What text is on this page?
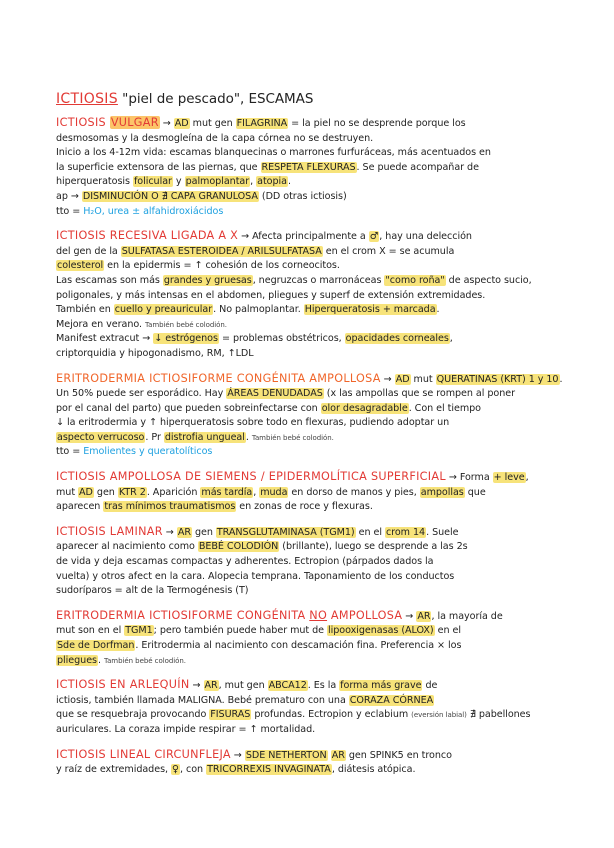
ICTIOSIS "piel de pescado", ESCAMAS
ICTIOSIS VULGAR → AD mut gen FILAGRINA = la piel no se desprende porque los
desmosomas y la desmogleína de la capa córnea no se destruyen.
Inicio a los 4-12m vida: escamas blanquecinas o marrones furfuráceas, más acentuados en
la superficie extensora de las piernas, que RESPETA FLEXURAS. Se puede acompañar de
hiperqueratosis folicular y palmoplantar, atopia.
ap → DISMINUCIÓN O ∄ CAPA GRANULOSA (DD otras ictiosis)
tto = H₂O, urea ± alfahidroxiácidos
ICTIOSIS RECESIVA LIGADA A X → Afecta principalmente a ♂, hay una delección
del gen de la SULFATASA ESTEROIDEA / ARILSULFATASA en el crom X = se acumula
colesterol en la epidermis = ↑ cohesión de los corneocitos.
Las escamas son más grandes y gruesas, negruzcas o marronáceas "como roña" de aspecto sucio,
poligonales, y más intensas en el abdomen, pliegues y superf de extensión extremidades.
También en cuello y preauricular. No palmoplantar. Hiperqueratosis + marcada.
Mejora en verano. También bebé colodión.
Manifest extracut → ↓ estrógenos = problemas obstétricos, opacidades corneales,
criptorquidia y hipogonadismo, RM, ↑LDL
ERITRODERMIA ICTIOSIFORME CONGÉNITA AMPOLLOSA → AD mut QUERATINAS (KRT) 1 y 10.
Un 50% puede ser esporádico. Hay ÁREAS DENUDADAS (x las ampollas que se rompen al poner
por el canal del parto) que pueden sobreinfectarse con olor desagradable. Con el tiempo
↓ la eritrodermia y ↑ hiperqueratosis sobre todo en flexuras, pudiendo adoptar un
aspecto verrucoso. Pr distrofia ungueal. También bebé colodión.
tto = Emolientes y queratolíticos
ICTIOSIS AMPOLLOSA DE SIEMENS / EPIDERMOLÍTICA SUPERFICIAL → Forma + leve,
mut AD gen KTR 2. Aparición más tardía, muda en dorso de manos y pies, ampollas que
aparecen tras mínimos traumatismos en zonas de roce y flexuras.
ICTIOSIS LAMINAR → AR gen TRANSGLUTAMINASA (TGM1) en el crom 14. Suele
aparecer al nacimiento como BEBÉ COLODIÓN (brillante), luego se desprende a las 2s
de vida y deja escamas compactas y adherentes. Ectropion (párpados dados la
vuelta) y otros afect en la cara. Alopecia temprana. Taponamiento de los conductos
sudoríparos = alt de la Termogénesis (T)
ERITRODERMIA ICTIOSIFORME CONGÉNITA NO AMPOLLOSA → AR, la mayoría de
mut son en el TGM1; pero también puede haber mut de lipooxigenasas (ALOX) en el
Sde de Dorfman. Eritrodermia al nacimiento con descamación fina. Preferencia × los
pliegues. También bebé colodión.
ICTIOSIS EN ARLEQUÍN → AR, mut gen ABCA12. Es la forma más grave de
ictiosis, también llamada MALIGNA. Bebé prematuro con una CORAZA CÓRNEA
que se resquebraja provocando FISURAS profundas. Ectropion y eclabium (eversión labial) ∄ pabellones
auriculares. La coraza impide respirar = ↑ mortalidad.
ICTIOSIS LINEAL CIRCUNFLEJA → SDE NETHERTON AR gen SPINK5 en tronco
y raíz de extremidades, ♀, con TRICORREXIS INVAGINATA, diátesis atópica.
